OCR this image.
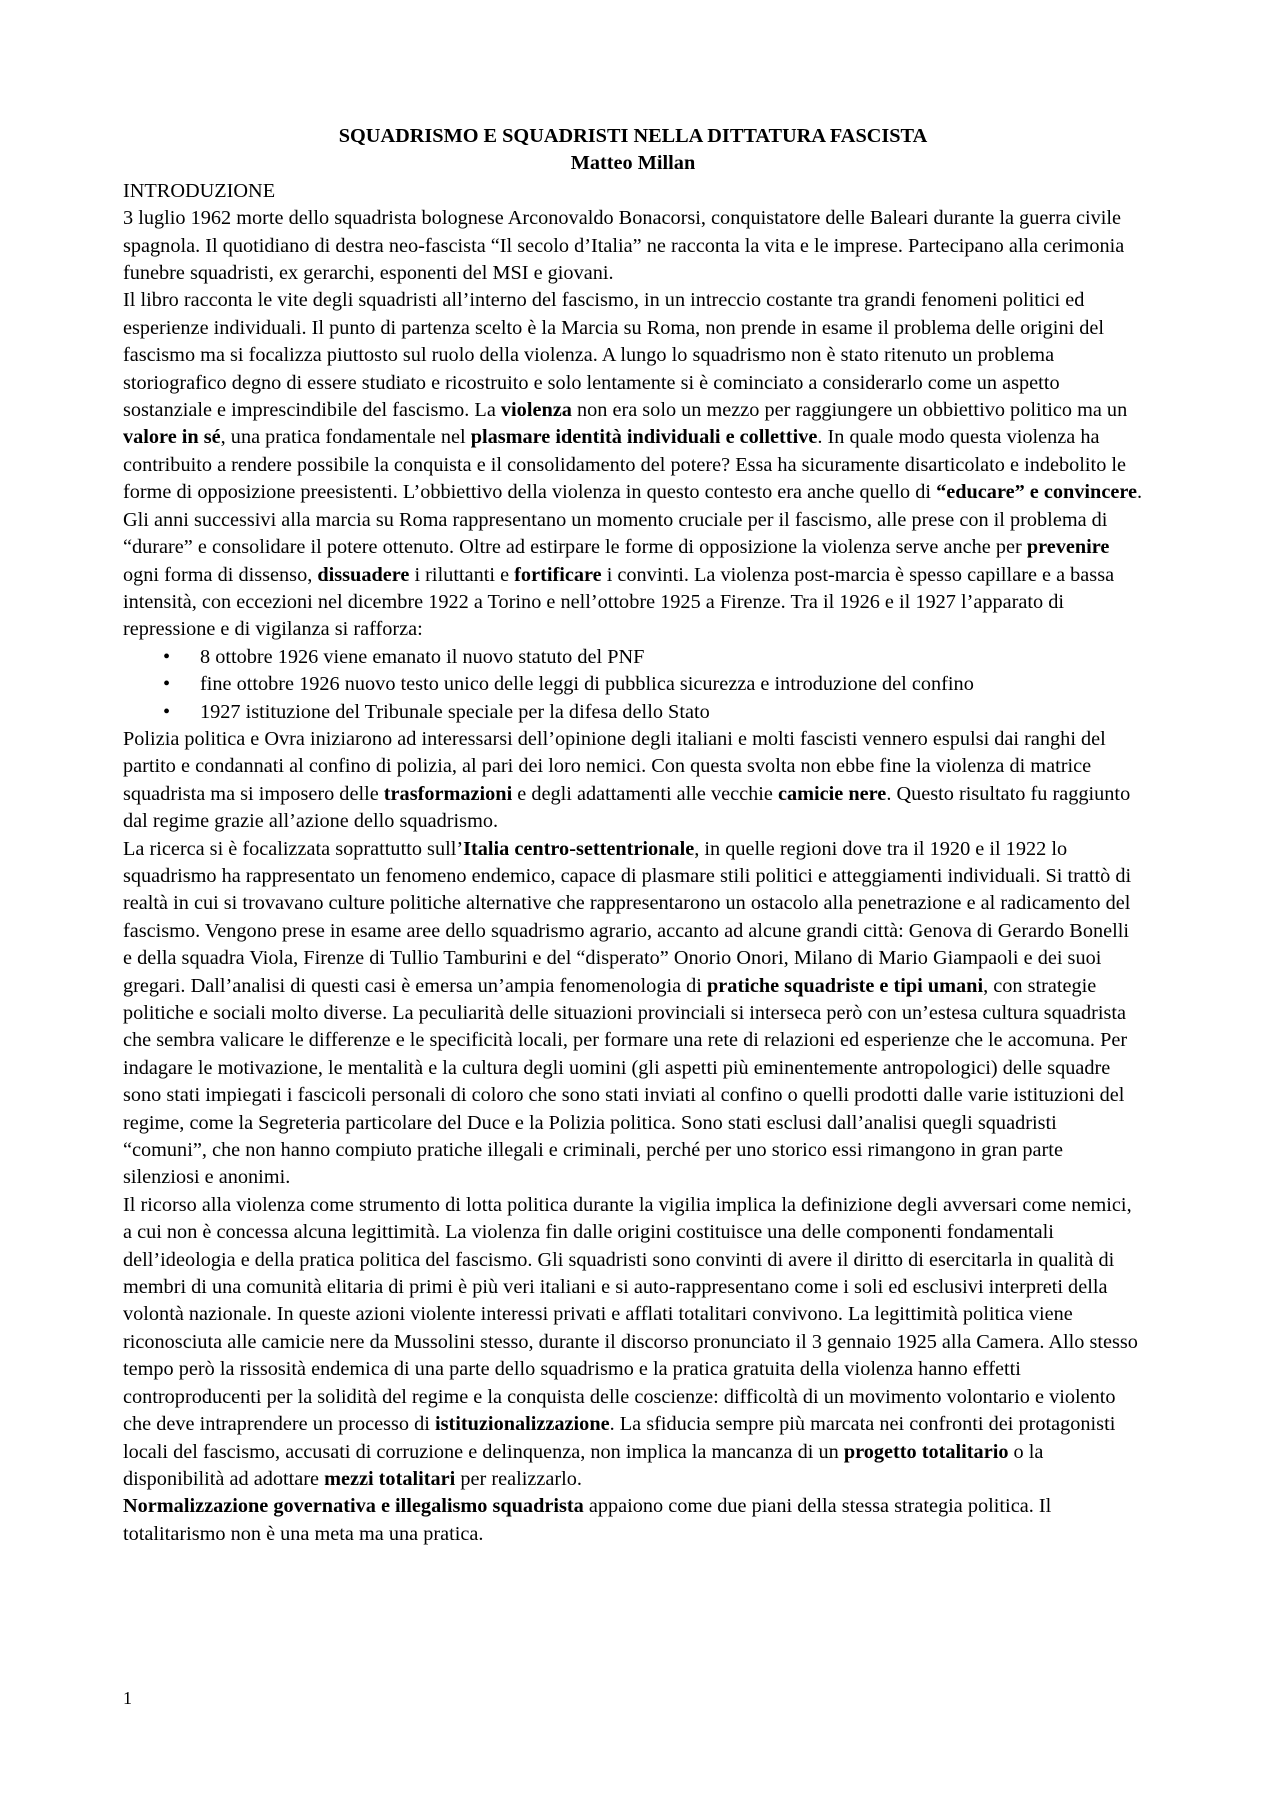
SQUADRISMO E SQUADRISTI NELLA DITTATURA FASCISTA

Matteo Millan

INTRODUZIONE

3 luglio 1962 morte dello squadrista bolognese Arconovaldo Bonacorsi, conquistatore delle Baleari durante la guerra civile spagnola. Il quotidiano di destra neo-fascista “Il secolo d’Italia” ne racconta la vita e le imprese. Partecipano alla cerimonia funebre squadristi, ex gerarchi, esponenti del MSI e giovani.

Il libro racconta le vite degli squadristi all’interno del fascismo, in un intreccio costante tra grandi fenomeni politici ed esperienze individuali. Il punto di partenza scelto è la Marcia su Roma, non prende in esame il problema delle origini del fascismo ma si focalizza piuttosto sul ruolo della violenza. A lungo lo squadrismo non è stato ritenuto un problema storiografico degno di essere studiato e ricostruito e solo lentamente si è cominciato a considerarlo come un aspetto sostanziale e imprescindibile del fascismo. La violenza non era solo un mezzo per raggiungere un obbiettivo politico ma un valore in sé, una pratica fondamentale nel plasmare identità individuali e collettive. In quale modo questa violenza ha contribuito a rendere possibile la conquista e il consolidamento del potere? Essa ha sicuramente disarticolato e indebolito le forme di opposizione preesistenti. L’obbiettivo della violenza in questo contesto era anche quello di “educare” e convincere. Gli anni successivi alla marcia su Roma rappresentano un momento cruciale per il fascismo, alle prese con il problema di “durare” e consolidare il potere ottenuto. Oltre ad estirpare le forme di opposizione la violenza serve anche per prevenire ogni forma di dissenso, dissuadere i riluttanti e fortificare i convinti. La violenza post-marcia è spesso capillare e a bassa intensità, con eccezioni nel dicembre 1922 a Torino e nell’ottobre 1925 a Firenze. Tra il 1926 e il 1927 l’apparato di repressione e di vigilanza si rafforza:

• 8 ottobre 1926 viene emanato il nuovo statuto del PNF
• fine ottobre 1926 nuovo testo unico delle leggi di pubblica sicurezza e introduzione del confino
• 1927 istituzione del Tribunale speciale per la difesa dello Stato

Polizia politica e Ovra iniziarono ad interessarsi dell’opinione degli italiani e molti fascisti vennero espulsi dai ranghi del partito e condannati al confino di polizia, al pari dei loro nemici. Con questa svolta non ebbe fine la violenza di matrice squadrista ma si imposero delle trasformazioni e degli adattamenti alle vecchie camicie nere. Questo risultato fu raggiunto dal regime grazie all’azione dello squadrismo.

La ricerca si è focalizzata soprattutto sull’Italia centro-settentrionale, in quelle regioni dove tra il 1920 e il 1922 lo squadrismo ha rappresentato un fenomeno endemico, capace di plasmare stili politici e atteggiamenti individuali. Si trattò di realtà in cui si trovavano culture politiche alternative che rappresentarono un ostacolo alla penetrazione e al radicamento del fascismo. Vengono prese in esame aree dello squadrismo agrario, accanto ad alcune grandi città: Genova di Gerardo Bonelli e della squadra Viola, Firenze di Tullio Tamburini e del “disperato” Onorio Onori, Milano di Mario Giampaoli e dei suoi gregari. Dall’analisi di questi casi è emersa un’ampia fenomenologia di pratiche squadriste e tipi umani, con strategie politiche e sociali molto diverse. La peculiarità delle situazioni provinciali si interseca però con un’estesa cultura squadrista che sembra valicare le differenze e le specificità locali, per formare una rete di relazioni ed esperienze che le accomuna. Per indagare le motivazione, le mentalità e la cultura degli uomini (gli aspetti più eminentemente antropologici) delle squadre sono stati impiegati i fascicoli personali di coloro che sono stati inviati al confino o quelli prodotti dalle varie istituzioni del regime, come la Segreteria particolare del Duce e la Polizia politica. Sono stati esclusi dall’analisi quegli squadristi “comuni”, che non hanno compiuto pratiche illegali e criminali, perché per uno storico essi rimangono in gran parte silenziosi e anonimi.

Il ricorso alla violenza come strumento di lotta politica durante la vigilia implica la definizione degli avversari come nemici, a cui non è concessa alcuna legittimità. La violenza fin dalle origini costituisce una delle componenti fondamentali dell’ideologia e della pratica politica del fascismo. Gli squadristi sono convinti di avere il diritto di esercitarla in qualità di membri di una comunità elitaria di primi è più veri italiani e si auto-rappresentano come i soli ed esclusivi interpreti della volontà nazionale. In queste azioni violente interessi privati e afflati totalitari convivono. La legittimità politica viene riconosciuta alle camicie nere da Mussolini stesso, durante il discorso pronunciato il 3 gennaio 1925 alla Camera. Allo stesso tempo però la rissosità endemica di una parte dello squadrismo e la pratica gratuita della violenza hanno effetti controproducenti per la solidità del regime e la conquista delle coscienze: difficoltà di un movimento volontario e violento che deve intraprendere un processo di istituzionalizzazione. La sfiducia sempre più marcata nei confronti dei protagonisti locali del fascismo, accusati di corruzione e delinquenza, non implica la mancanza di un progetto totalitario o la disponibilità ad adottare mezzi totalitari per realizzarlo.

Normalizzazione governativa e illegalismo squadrista appaiono come due piani della stessa strategia politica. Il totalitarismo non è una meta ma una pratica.

1
